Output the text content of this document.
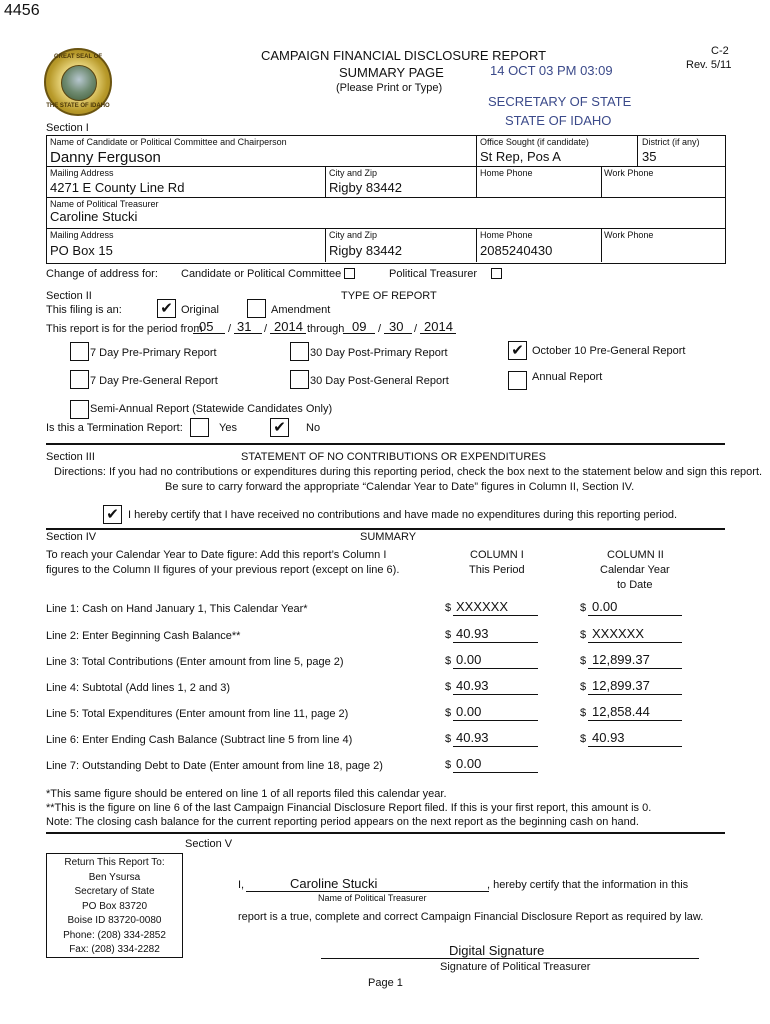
4456
GREAT SEAL OF
THE STATE OF IDAHO
CAMPAIGN FINANCIAL DISCLOSURE REPORT
SUMMARY PAGE
(Please Print or Type)
14 OCT 03 PM 03:09
SECRETARY OF STATE
STATE OF IDAHO
C-2
Rev. 5/11
Section I
Name of Candidate or Political Committee and Chairperson
Danny Ferguson
Office Sought (if candidate)
St Rep, Pos A
District (if any)
35
Mailing Address
4271 E County Line Rd
City and Zip
Rigby 83442
Home Phone	Work Phone
Name of Political Treasurer
Caroline Stucki
Mailing Address
PO Box 15
City and Zip
Rigby 83442
Home Phone
2085240430
Work Phone
Change of address for: Candidate or Political Committee	Political Treasurer
Section II	TYPE OF REPORT
This filing is an:	✔ Original	Amendment
This report is for the period from
05 / 31 / 2014 through 09 / 30 / 2014
7 Day Pre-Primary Report	30 Day Post-Primary Report	✔ October 10 Pre-General Report
7 Day Pre-General Report	30 Day Post-General Report	Annual Report
Semi-Annual Report (Statewide Candidates Only)
Is this a Termination Report:	Yes ✔ No
Section III	STATEMENT OF NO CONTRIBUTIONS OR EXPENDITURES
Directions: If you had no contributions or expenditures during this reporting period, check the box next to the statement below and sign this report.
Be sure to carry forward the appropriate “Calendar Year to Date” figures in Column II, Section IV.
✔ I hereby certify that I have received no contributions and have made no expenditures during this reporting period.
Section IV	SUMMARY
To reach your Calendar Year to Date figure: Add this report’s Column I
figures to the Column II figures of your previous report (except on line 6).
COLUMN I
This Period
COLUMN II
Calendar Year
to Date
Line 1: Cash on Hand January 1, This Calendar Year*	$ XXXXXX	$ 0.00
Line 2: Enter Beginning Cash Balance**	$ 40.93	$ XXXXXX
Line 3: Total Contributions (Enter amount from line 5, page 2)	$ 0.00	$ 12,899.37
Line 4: Subtotal (Add lines 1, 2 and 3)	$ 40.93	$ 12,899.37
Line 5: Total Expenditures (Enter amount from line 11, page 2)	$ 0.00	$ 12,858.44
Line 6: Enter Ending Cash Balance (Subtract line 5 from line 4)	$ 40.93	$ 40.93
Line 7: Outstanding Debt to Date (Enter amount from line 18, page 2)	$ 0.00
*This same figure should be entered on line 1 of all reports filed this calendar year.
**This is the figure on line 6 of the last Campaign Financial Disclosure Report filed. If this is your first report, this amount is 0.
Note: The closing cash balance for the current reporting period appears on the next report as the beginning cash on hand.
Section V
Return This Report To:
Ben Ysursa
Secretary of State
PO Box 83720
Boise ID 83720-0080
Phone: (208) 334-2852
Fax: (208) 334-2282
I,	Caroline Stucki	, hereby certify that the information in this
Name of Political Treasurer
report is a true, complete and correct Campaign Financial Disclosure Report as required by law.
Digital Signature
Signature of Political Treasurer
Page 1
